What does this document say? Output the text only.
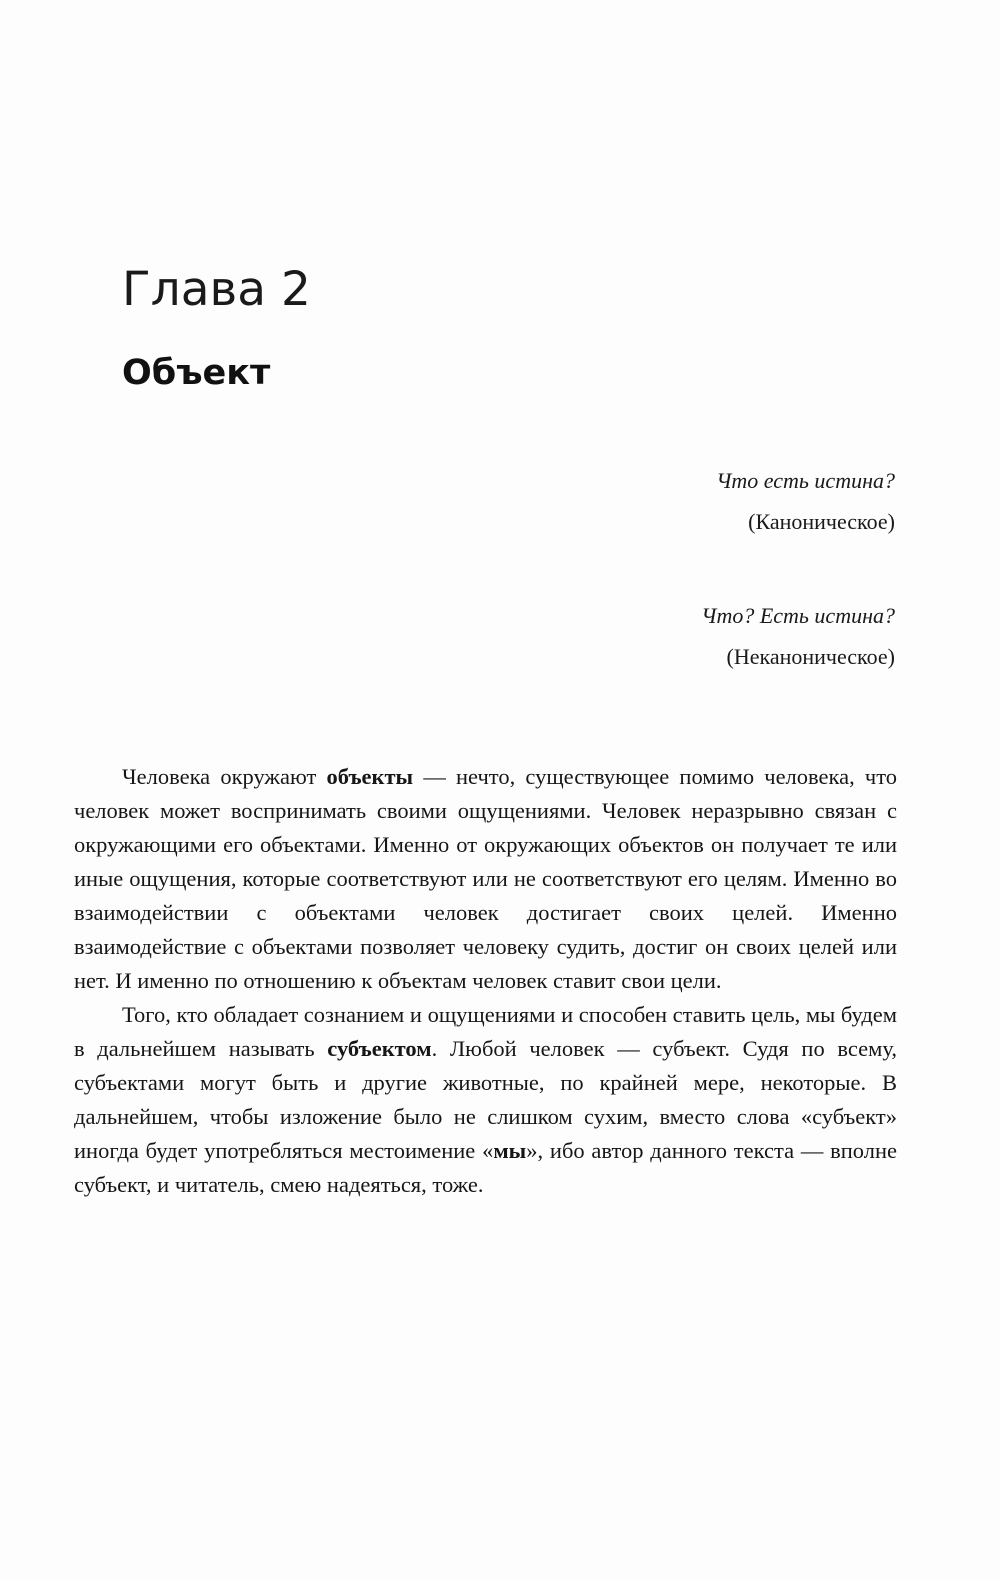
Глава 2
Объект
Что есть истина?
(Каноническое)
Что? Есть истина?
(Неканоническое)

Человека окружают объекты — нечто, существующее помимо человека, что человек может воспринимать своими ощущениями. Человек неразрывно связан с окружающими его объектами. Именно от окружающих объектов он получает те или иные ощущения, которые соответствуют или не соответствуют его целям. Именно во взаимодействии с объектами человек достигает своих целей. Именно взаимодействие с объектами позволяет человеку судить, достиг он своих целей или нет. И именно по отношению к объектам человек ставит свои цели.

Того, кто обладает сознанием и ощущениями и способен ставить цель, мы будем в дальнейшем называть субъектом. Любой человек — субъект. Судя по всему, субъектами могут быть и другие животные, по крайней мере, некоторые. В дальнейшем, чтобы изложение было не слишком сухим, вместо слова «субъект» иногда будет употребляться местоимение «мы», ибо автор данного текста — вполне субъект, и читатель, смею надеяться, тоже.
